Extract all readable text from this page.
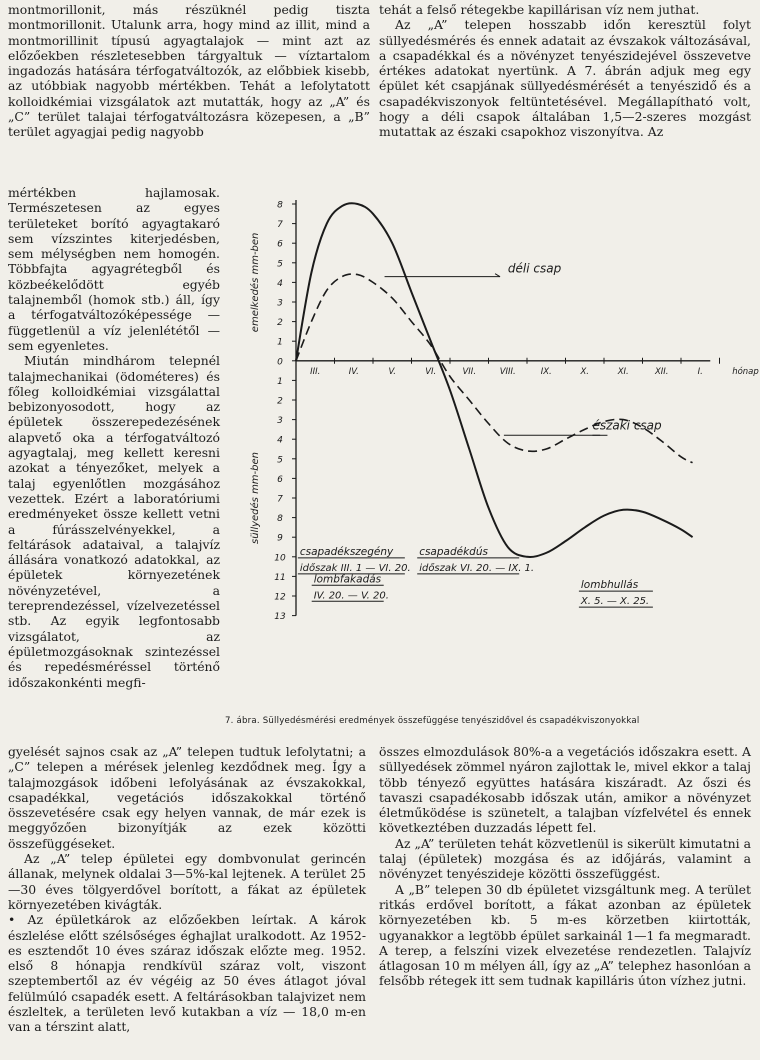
montmorillonit, más részüknél pedig tiszta montmorillonit. Utalunk arra, hogy mind az illit, mind a montmorillinit típusú agyagtalajok — mint azt az előzőekben részletesebben tárgyaltuk — víztartalom ingadozás hatására térfogatváltozók, az előbbiek kisebb, az utóbbiak nagyobb mértékben. Tehát a lefolytatott kolloidkémiai vizsgálatok azt mutatták, hogy az „A” és „C” terület talajai térfogatváltozásra közepesen, a „B” terület agyagjai pedig nagyobb

tehát a felső rétegekbe kapillárisan víz nem juthat.

Az „A” telepen hosszabb időn keresztül folyt süllyedésmérés és ennek adatait az évszakok változásával, a csapadékkal és a növényzet tenyészidejével összevetve értékes adatokat nyertünk. A 7. ábrán adjuk meg egy épület két csapjának süllyedésmérését a tenyészidő és a csapadékviszonyok feltüntetésével. Megállapítható volt, hogy a déli csapok általában 1,5—2-szeres mozgást mutattak az északi csapokhoz viszonyítva. Az

mértékben hajlamosak. Természetesen az egyes területeket borító agyagtakaró sem vízszintes kiterjedésben, sem mélységben nem homogén. Többfajta agyagrétegből és közbeékelődött egyéb talajnemből (homok stb.) áll, így a térfogatváltozóképessége — függetlenül a víz jelenlététől — sem egyenletes.

Miután mindhárom telepnél talajmechanikai (ödométeres) és főleg kolloidkémiai vizsgálattal bebizonyosodott, hogy az épületek összerepedezésének alapvető oka a térfogatváltozó agyagtalaj, meg kellett keresni azokat a tényezőket, melyek a talaj egyenlőtlen mozgásához vezettek. Ezért a laboratóriumi eredményeket össze kellett vetni a fúrásszelvényekkel, a feltárások adataival, a talajvíz állására vonatkozó adatokkal, az épületek környezetének növényzetével, a tereprendezéssel, vízelvezetéssel stb. Az egyik legfontosabb vizsgálatot, az épületmozgásoknak szintezéssel és repedésméréssel történő időszakonkénti megfi-

8
7
6
5
4
3
2
1
0
1
2
3
4
5
6
7
8
9
10
11
12
13
III.	IV.	V.	VI.	VII.	VIII.	IX.	X.	XI.	XII.	I.	hónap
emelkedés mm-ben
süllyedés mm-ben
déli csap
északi csap
csapadékszegény
időszak III. 1 — VI. 20.
csapadékdús
időszak VI. 20. — IX. 1.
lombfakadás
IV. 20. — V. 20.
lombhullás
X. 5. — X. 25.
7. ábra. Süllyedésmérési eredmények összefüggése tenyészidővel és csapadékviszonyokkal

gyelését sajnos csak az „A” telepen tudtuk lefolytatni; a „C” telepen a mérések jelenleg kezdődnek meg. Így a talajmozgások időbeni lefolyásának az évszakokkal, csapadékkal, vegetációs időszakokkal történő összevetésére csak egy helyen vannak, de már ezek is meggyőzően bizonyítják az ezek közötti összefüggéseket.

Az „A” telep épületei egy dombvonulat gerincén állanak, melynek oldalai 3—5%-kal lejtenek. A terület 25—30 éves tölgyerdővel borított, a fákat az épületek környezetében kivágták.

• Az épületkárok az előzőekben leírtak. A károk észlelése előtt szélsőséges éghajlat uralkodott. Az 1952-es esztendőt 10 éves száraz időszak előzte meg. 1952. első 8 hónapja rendkívül száraz volt, viszont szeptembertől az év végéig az 50 éves átlagot jóval felülmúló csapadék esett. A feltárásokban talajvizet nem észleltek, a területen levő kutakban a víz — 18,0 m-en van a térszint alatt,

összes elmozdulások 80%-a a vegetációs időszakra esett. A süllyedések zömmel nyáron zajlottak le, mivel ekkor a talaj több tényező együttes hatására kiszáradt. Az őszi és tavaszi csapadékosabb időszak után, amikor a növényzet életműködése is szünetelt, a talajban vízfelvétel és ennek következtében duzzadás lépett fel.

Az „A” területen tehát közvetlenül is sikerült kimutatni a talaj (épületek) mozgása és az időjárás, valamint a növényzet tenyészideje közötti összefüggést.

A „B” telepen 30 db épületet vizsgáltunk meg. A terület ritkás erdővel borított, a fákat azonban az épületek környezetében kb. 5 m-es körzetben kiirtották, ugyanakkor a legtöbb épület sarkainál 1—1 fa megmaradt. A terep, a felszíni vizek elvezetése rendezetlen. Talajvíz átlagosan 10 m mélyen áll, így az „A” telephez hasonlóan a felsőbb rétegek itt sem tudnak kapilláris úton vízhez jutni.
